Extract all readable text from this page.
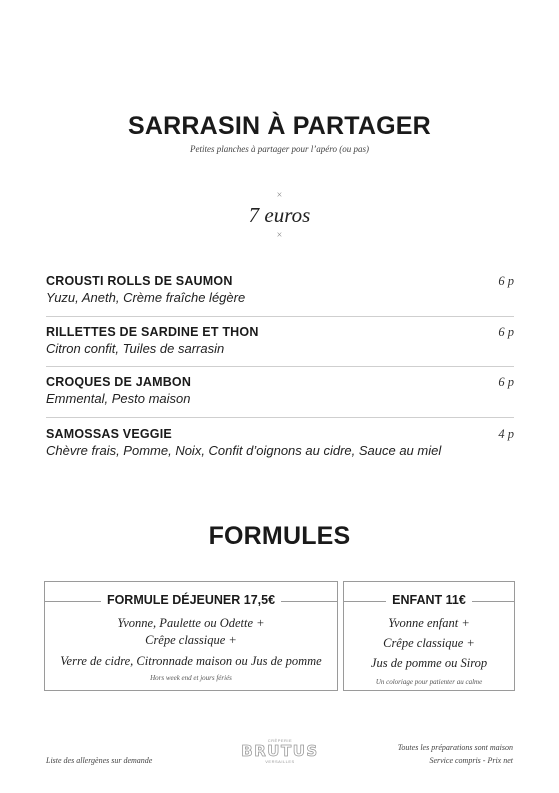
SARRASIN À PARTAGER
Petites planches à partager pour l’apéro (ou pas)
×
7 euros
×
CROUSTI ROLLS DE SAUMON
Yuzu, Aneth, Crème fraîche légère
6 p
RILLETTES DE SARDINE ET THON
Citron confit, Tuiles de sarrasin
6 p
CROQUES DE JAMBON
Emmental, Pesto maison
6 p
SAMOSSAS VEGGIE
Chèvre frais, Pomme, Noix, Confit d’oignons au cidre, Sauce au miel
4 p
FORMULES
FORMULE DÉJEUNER 17,5€
Yvonne, Paulette ou Odette +
Crêpe classique +
Verre de cidre, Citronnade maison ou Jus de pomme
Hors week end et jours fériés
ENFANT 11€
Yvonne enfant +
Crêpe classique +
Jus de pomme ou Sirop
Un coloriage pour patienter au calme
Liste des allergènes sur demande
CRÊPERIE
BRUTUS
VERSAILLES
Toutes les préparations sont maison
Service compris - Prix net
